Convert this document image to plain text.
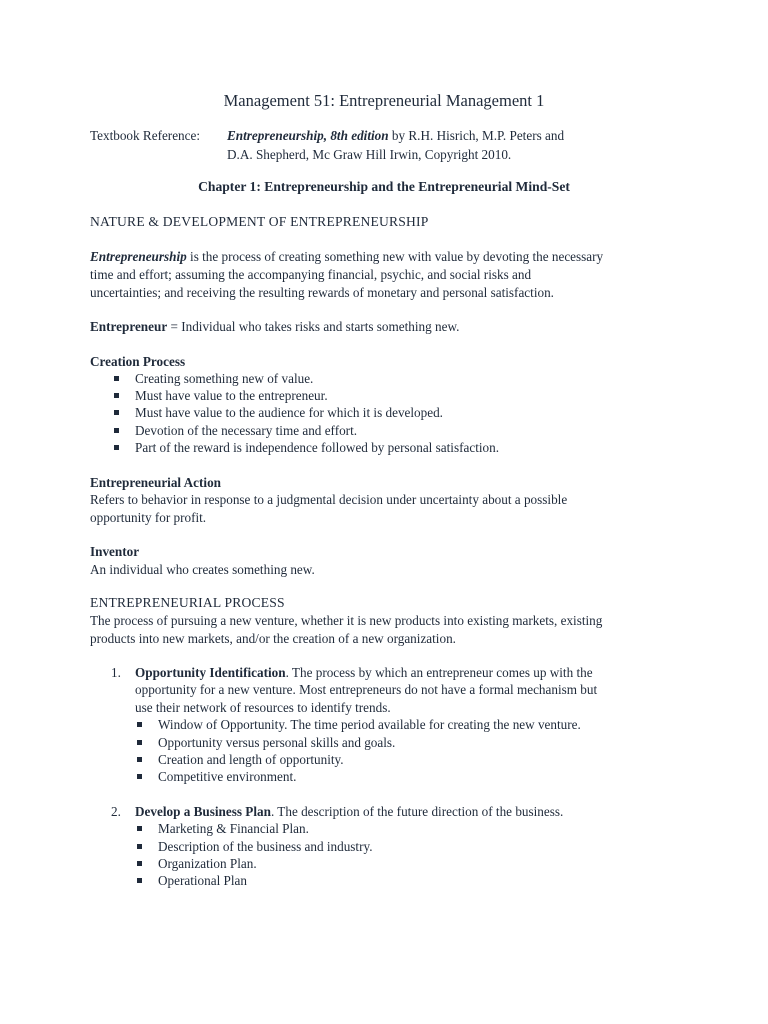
Management 51: Entrepreneurial Management 1
Textbook Reference: Entrepreneurship, 8th edition by R.H. Hisrich, M.P. Peters and
D.A. Shepherd, Mc Graw Hill Irwin, Copyright 2010.
Chapter 1: Entrepreneurship and the Entrepreneurial Mind-Set
NATURE & DEVELOPMENT OF ENTREPRENEURSHIP
Entrepreneurship is the process of creating something new with value by devoting the necessary
time and effort; assuming the accompanying financial, psychic, and social risks and
uncertainties; and receiving the resulting rewards of monetary and personal satisfaction.
Entrepreneur = Individual who takes risks and starts something new.
Creation Process
Creating something new of value.
Must have value to the entrepreneur.
Must have value to the audience for which it is developed.
Devotion of the necessary time and effort.
Part of the reward is independence followed by personal satisfaction.
Entrepreneurial Action
Refers to behavior in response to a judgmental decision under uncertainty about a possible
opportunity for profit.
Inventor
An individual who creates something new.
ENTREPRENEURIAL PROCESS
The process of pursuing a new venture, whether it is new products into existing markets, existing
products into new markets, and/or the creation of a new organization.
1. Opportunity Identification. The process by which an entrepreneur comes up with the
opportunity for a new venture. Most entrepreneurs do not have a formal mechanism but
use their network of resources to identify trends.
Window of Opportunity. The time period available for creating the new venture.
Opportunity versus personal skills and goals.
Creation and length of opportunity.
Competitive environment.
2. Develop a Business Plan. The description of the future direction of the business.
Marketing & Financial Plan.
Description of the business and industry.
Organization Plan.
Operational Plan
